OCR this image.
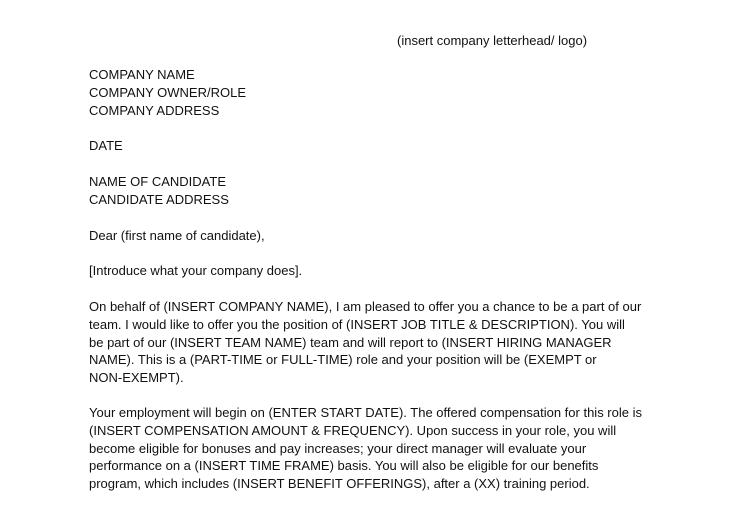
(insert company letterhead/ logo)
COMPANY NAME
COMPANY OWNER/ROLE
COMPANY ADDRESS
DATE
NAME OF CANDIDATE
CANDIDATE ADDRESS
Dear (first name of candidate),
[Introduce what your company does].
On behalf of (INSERT COMPANY NAME), I am pleased to offer you a chance to be a part of our
team. I would like to offer you the position of (INSERT JOB TITLE & DESCRIPTION). You will
be part of our (INSERT TEAM NAME) team and will report to (INSERT HIRING MANAGER
NAME). This is a (PART-TIME or FULL-TIME) role and your position will be (EXEMPT or
NON-EXEMPT).
Your employment will begin on (ENTER START DATE). The offered compensation for this role is
(INSERT COMPENSATION AMOUNT & FREQUENCY). Upon success in your role, you will
become eligible for bonuses and pay increases; your direct manager will evaluate your
performance on a (INSERT TIME FRAME) basis. You will also be eligible for our benefits
program, which includes (INSERT BENEFIT OFFERINGS), after a (XX) training period.
